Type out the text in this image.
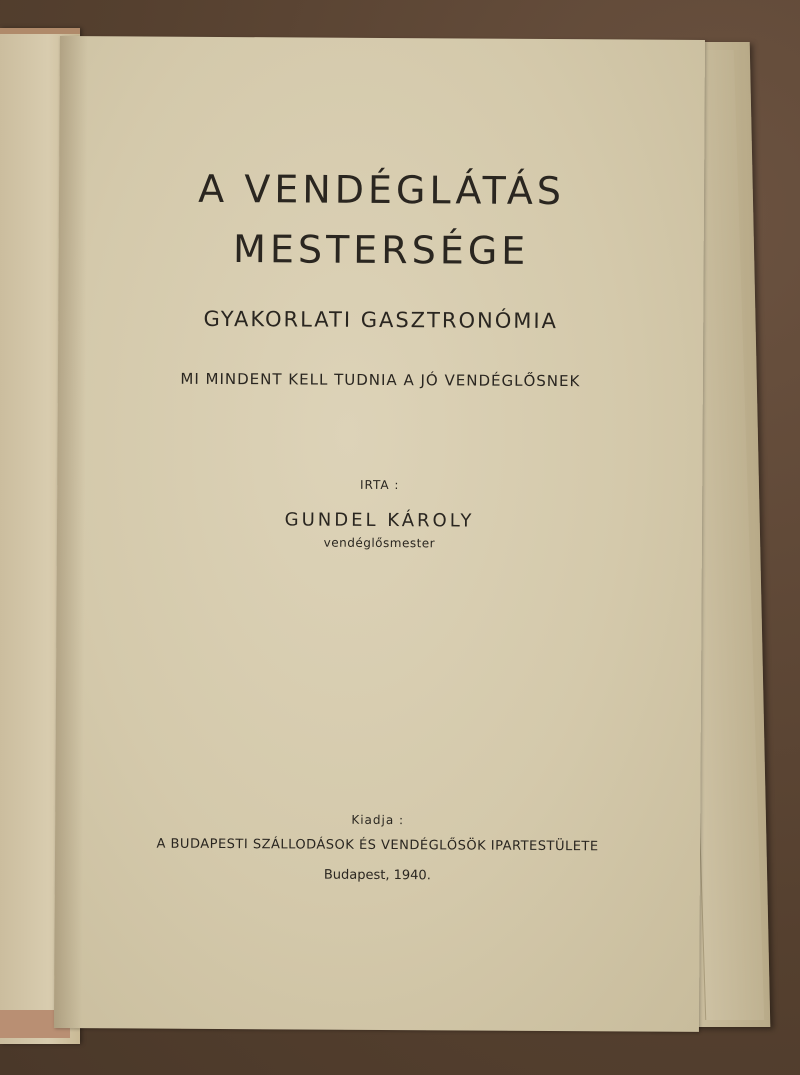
A VENDÉGLÁTÁS
MESTERSÉGE
GYAKORLATI GASZTRONÓMIA
MI MINDENT KELL TUDNIA A JÓ VENDÉGLŐSNEK
IRTA :
GUNDEL KÁROLY
vendéglősmester
Kiadja :
A BUDAPESTI SZÁLLODÁSOK ÉS VENDÉGLŐSÖK IPARTESTÜLETE
Budapest, 1940.
